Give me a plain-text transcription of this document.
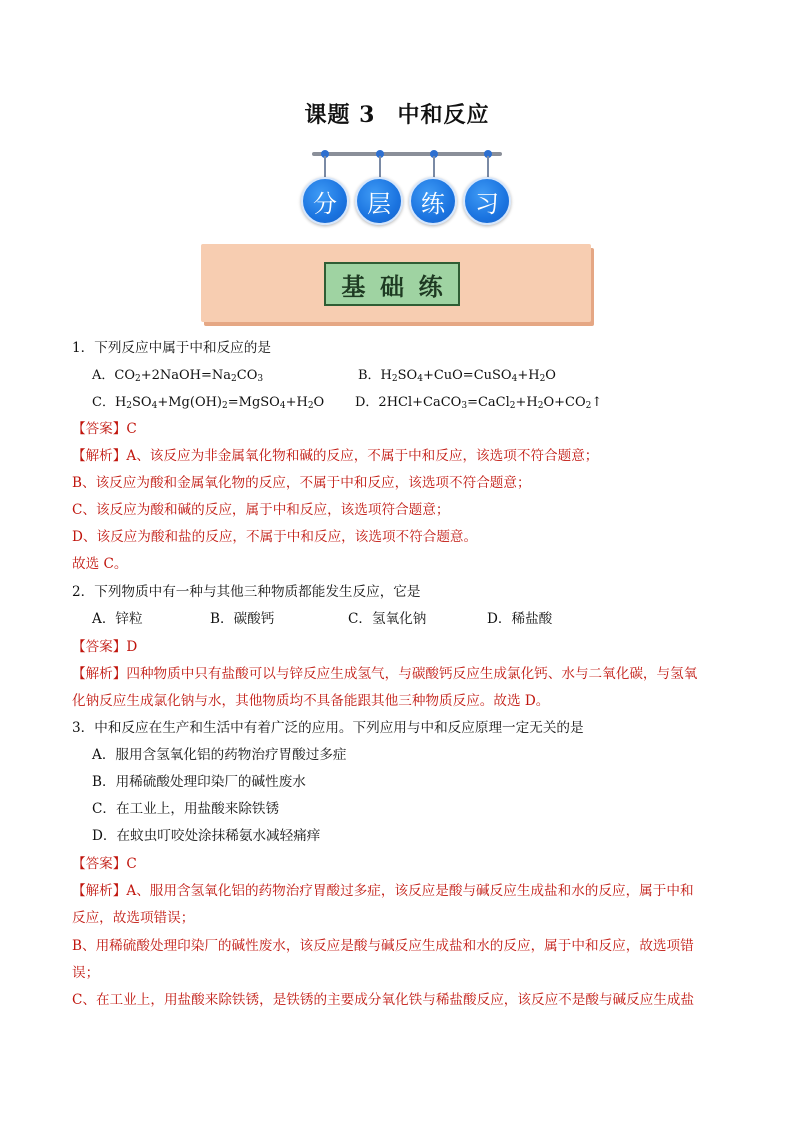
课题 3 中和反应
分	层	练	习
基 础 练
1．下列反应中属于中和反应的是
A．$CO_2+2NaOH=Na_2CO_3$	B．$H_2SO_4+CuO=CuSO_4+H_2O$
C．$H_2SO_4+Mg(OH)_2=MgSO_4+H_2O$ D．$2HCl+CaCO_3=CaCl_2+H_2O+CO_2↑$
【答案】C
【解析】A、该反应为非金属氧化物和碱的反应，不属于中和反应，该选项不符合题意；
B、该反应为酸和金属氧化物的反应，不属于中和反应，该选项不符合题意；
C、该反应为酸和碱的反应，属于中和反应，该选项符合题意；
D、该反应为酸和盐的反应，不属于中和反应，该选项不符合题意。
故选 C。
2．下列物质中有一种与其他三种物质都能发生反应，它是
A．锌粒	B．碳酸钙	C．氢氧化钠	D．稀盐酸
【答案】D
【解析】四种物质中只有盐酸可以与锌反应生成氢气，与碳酸钙反应生成氯化钙、水与二氧化碳，与氢氧
化钠反应生成氯化钠与水，其他物质均不具备能跟其他三种物质反应。故选 D。
3．中和反应在生产和生活中有着广泛的应用。下列应用与中和反应原理一定无关的是
A．服用含氢氧化铝的药物治疗胃酸过多症
B．用稀硫酸处理印染厂的碱性废水
C．在工业上，用盐酸来除铁锈
D．在蚊虫叮咬处涂抹稀氨水减轻痛痒
【答案】C
【解析】A、服用含氢氧化铝的药物治疗胃酸过多症，该反应是酸与碱反应生成盐和水的反应，属于中和
反应，故选项错误；
B、用稀硫酸处理印染厂的碱性废水，该反应是酸与碱反应生成盐和水的反应，属于中和反应，故选项错
误；
C、在工业上，用盐酸来除铁锈，是铁锈的主要成分氧化铁与稀盐酸反应，该反应不是酸与碱反应生成盐
